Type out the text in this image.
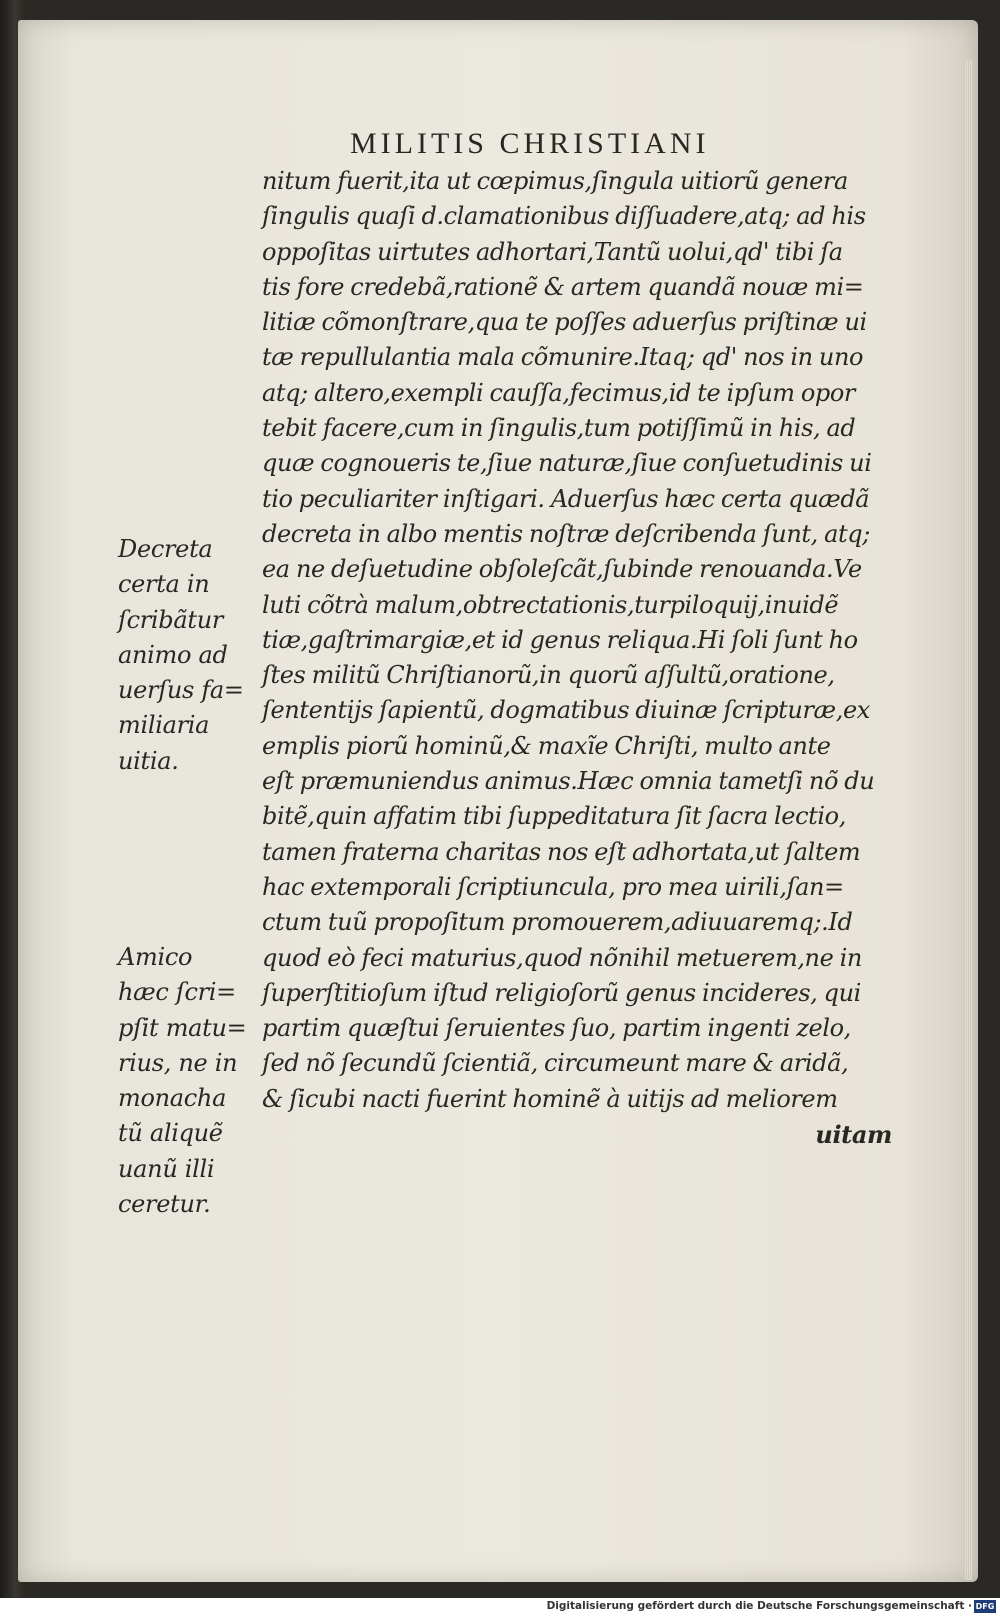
MILITIS CHRISTIANI
Decreta
certa in
ſcribãtur
animo ad
uerſus fa=
miliaria
uitia.
Amico
hæc ſcri=
pſit matu=
rius, ne in
monacha
tũ aliquẽ
uanũ illi
ceretur.
nitum fuerit,ita ut cœpimus,ſingula uitiorũ genera
ſingulis quaſi d.clamationibus diſſuadere,atq; ad his
oppoſitas uirtutes adhortari,Tantũ uolui,qd' tibi ſa
tis fore credebã,rationẽ & artem quandã nouæ mi=
litiæ cõmonſtrare,qua te poſſes aduerſus priſtinæ ui
tæ repullulantia mala cõmunire.Itaq; qd' nos in uno
atq; altero,exempli cauſſa,fecimus,id te ipſum opor
tebit facere,cum in ſingulis,tum potiſſimũ in his, ad
quæ cognoueris te,ſiue naturæ,ſiue conſuetudinis ui
tio peculiariter inſtigari. Aduerſus hæc certa quædã
decreta in albo mentis noſtræ deſcribenda ſunt, atq;
ea ne deſuetudine obſoleſcãt,ſubinde renouanda.Ve
luti cõtrà malum,obtrectationis,turpiloquij,inuidẽ
tiæ,gaſtrimargiæ,et id genus reliqua.Hi ſoli ſunt ho
ſtes militũ Chriſtianorũ,in quorũ aſſultũ,oratione,
ſententijs ſapientũ, dogmatibus diuinæ ſcripturæ,ex
emplis piorũ hominũ,& maxĩe Chriſti, multo ante
eſt præmuniendus animus.Hæc omnia tametſi nõ du
bitẽ,quin affatim tibi ſuppeditatura ſit ſacra lectio,
tamen fraterna charitas nos eſt adhortata,ut ſaltem
hac extemporali ſcriptiuncula, pro mea uirili,ſan=
ctum tuũ propoſitum promouerem,adiuuaremq;.Id
quod eò feci maturius,quod nõnihil metuerem,ne in
ſuperſtitioſum iſtud religioſorũ genus incideres, qui
partim quæſtui ſeruientes ſuo, partim ingenti zelo,
ſed nõ ſecundũ ſcientiã, circumeunt mare & aridã,
& ſicubi nacti fuerint hominẽ à uitijs ad meliorem
uitam
Digitalisierung gefördert durch die Deutsche Forschungsgemeinschaft · DFG
